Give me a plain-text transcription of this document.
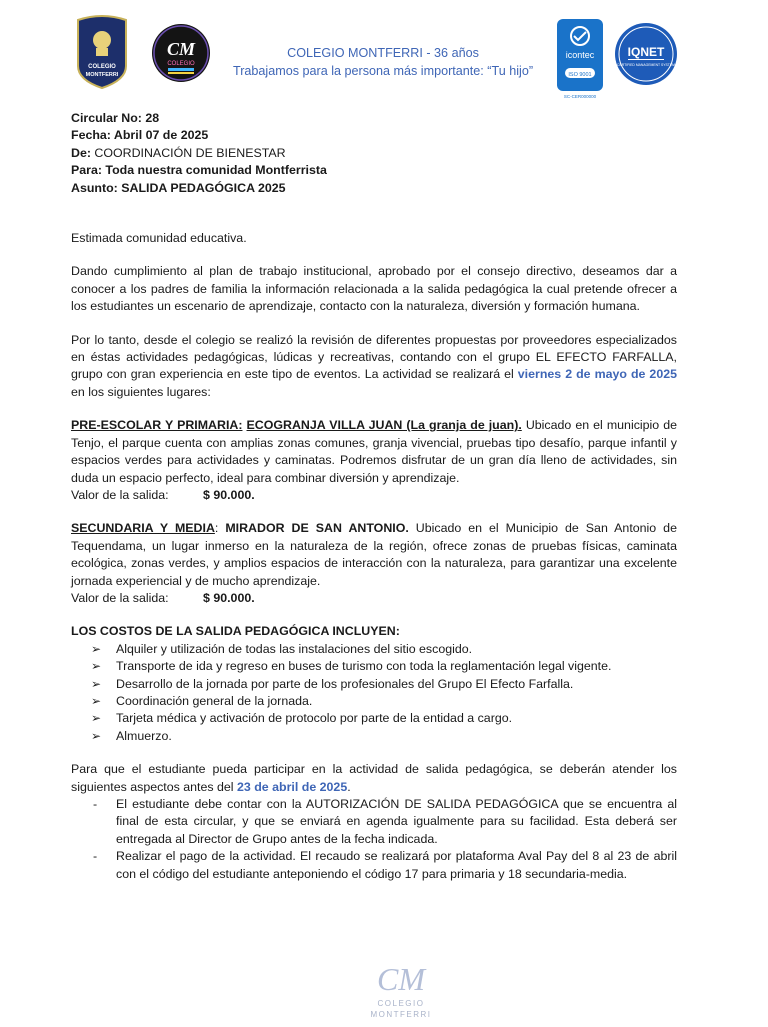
COLEGIO
MONTFERRI
CM
COLEGIO
COLEGIO MONTFERRI - 36 años
Trabajamos para la persona más importante: “Tu hijo”
icontec
ISO 9001
SC-CER000000
IQNET
CERTIFIED MANAGEMENT SYSTEM
Circular No: 28
Fecha: Abril 07 de 2025
De: COORDINACIÓN DE BIENESTAR
Para: Toda nuestra comunidad Montferrista
Asunto: SALIDA PEDAGÓGICA 2025

Estimada comunidad educativa.

Dando cumplimiento al plan de trabajo institucional, aprobado por el consejo directivo, deseamos dar a conocer a los padres de familia la información relacionada a la salida pedagógica la cual pretende ofrecer a los estudiantes un escenario de aprendizaje, contacto con la naturaleza, diversión y formación humana.

Por lo tanto, desde el colegio se realizó la revisión de diferentes propuestas por proveedores especializados en éstas actividades pedagógicas, lúdicas y recreativas, contando con el grupo EL EFECTO FARFALLA, grupo con gran experiencia en este tipo de eventos. La actividad se realizará el viernes 2 de mayo de 2025 en los siguientes lugares:

PRE-ESCOLAR Y PRIMARIA: ECOGRANJA VILLA JUAN (La granja de juan). Ubicado en el municipio de Tenjo, el parque cuenta con amplias zonas comunes, granja vivencial, pruebas tipo desafío, parque infantil y espacios verdes para actividades y caminatas. Podremos disfrutar de un gran día lleno de actividades, sin duda un espacio perfecto, ideal para combinar diversión y aprendizaje.

Valor de la salida:	$ 90.000.

SECUNDARIA Y MEDIA: MIRADOR DE SAN ANTONIO. Ubicado en el Municipio de San Antonio de Tequendama, un lugar inmerso en la naturaleza de la región, ofrece zonas de pruebas físicas, caminata ecológica, zonas verdes, y amplios espacios de interacción con la naturaleza, para garantizar una excelente jornada experiencial y de mucho aprendizaje.

Valor de la salida:	$ 90.000.
LOS COSTOS DE LA SALIDA PEDAGÓGICA INCLUYEN:
➢ Alquiler y utilización de todas las instalaciones del sitio escogido.
➢ Transporte de ida y regreso en buses de turismo con toda la reglamentación legal vigente.
➢ Desarrollo de la jornada por parte de los profesionales del Grupo El Efecto Farfalla.
➢ Coordinación general de la jornada.
➢ Tarjeta médica y activación de protocolo por parte de la entidad a cargo.
➢ Almuerzo.

Para que el estudiante pueda participar en la actividad de salida pedagógica, se deberán atender los siguientes aspectos antes del 23 de abril de 2025.

- El estudiante debe contar con la AUTORIZACIÓN DE SALIDA PEDAGÓGICA que se encuentra al final de esta circular, y que se enviará en agenda igualmente para su facilidad. Esta deberá ser entregada al Director de Grupo antes de la fecha indicada.
- Realizar el pago de la actividad. El recaudo se realizará por plataforma Aval Pay del 8 al 23 de abril con el código del estudiante anteponiendo el código 17 para primaria y 18 secundaria-media.
CM
COLEGIO
MONTFERRI
